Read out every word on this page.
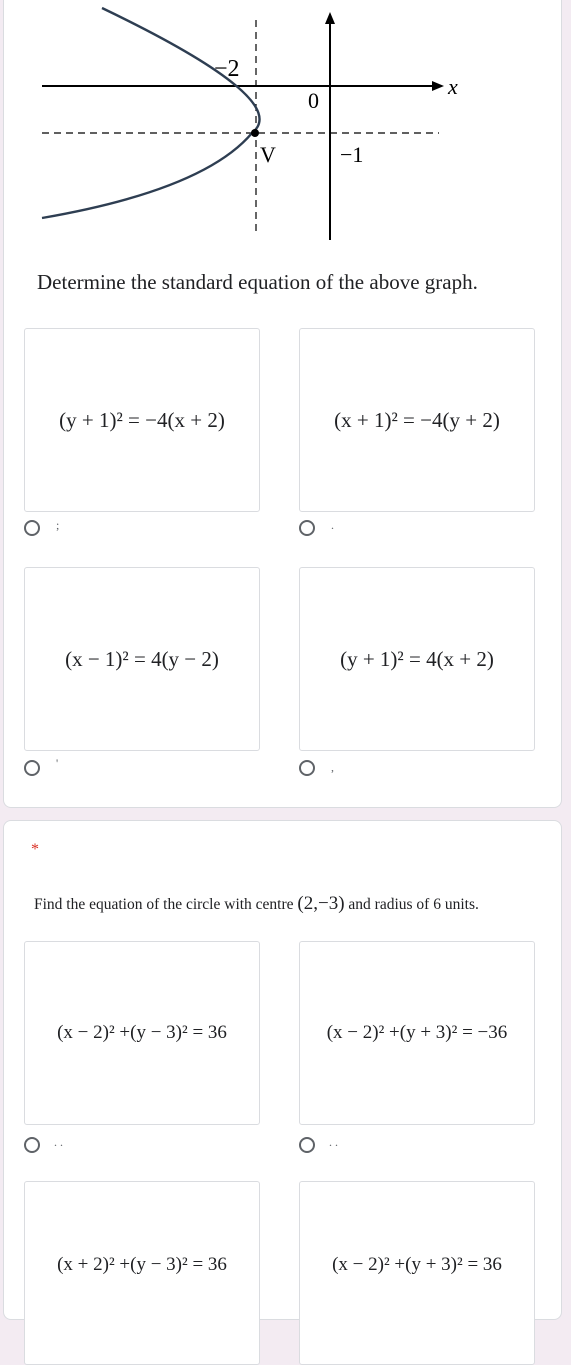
−2
0
x
V	−1
Determine the standard equation of the above graph.
(y + 1)² = −4(x + 2)	(x + 1)² = −4(y + 2)
;	.
(x − 1)² = 4(y − 2)	(y + 1)² = 4(x + 2)
'	,
*
Find the equation of the circle with centre (2,−3) and radius of 6 units.
(x − 2)² +(y − 3)² = 36	(x − 2)² +(y + 3)² = −36
. .	. .
(x + 2)² +(y − 3)² = 36	(x − 2)² +(y + 3)² = 36
